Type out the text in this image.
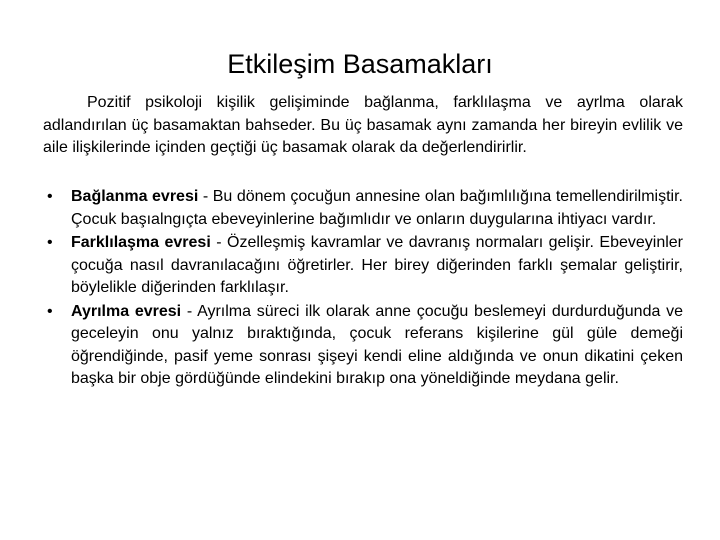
Etkileşim Basamakları
Pozitif psikoloji kişilik gelişiminde bağlanma, farklılaşma ve ayrlma olarak adlandırılan üç basamaktan bahseder. Bu üç basamak aynı zamanda her bireyin evlilik ve aile ilişkilerinde içinden geçtiği üç basamak olarak da değerlendirirlir.
• Bağlanma evresi - Bu dönem çocuğun annesine olan bağımlılığına temellendirilmiştir. Çocuk başıalngıçta ebeveyinlerine bağımlıdır ve onların duygularına ihtiyacı vardır.
• Farklılaşma evresi - Özelleşmiş kavramlar ve davranış normaları gelişir. Ebeveyinler çocuğa nasıl davranılacağını öğretirler. Her birey diğerinden farklı şemalar geliştirir, böylelikle diğerinden farklılaşır.
• Ayrılma evresi - Ayrılma süreci ilk olarak anne çocuğu beslemeyi durdurduğunda ve geceleyin onu yalnız bıraktığında, çocuk referans kişilerine gül güle demeği öğrendiğinde, pasif yeme sonrası şişeyi kendi eline aldığında ve onun dikatini çeken başka bir obje gördüğünde elindekini bırakıp ona yöneldiğinde meydana gelir.
